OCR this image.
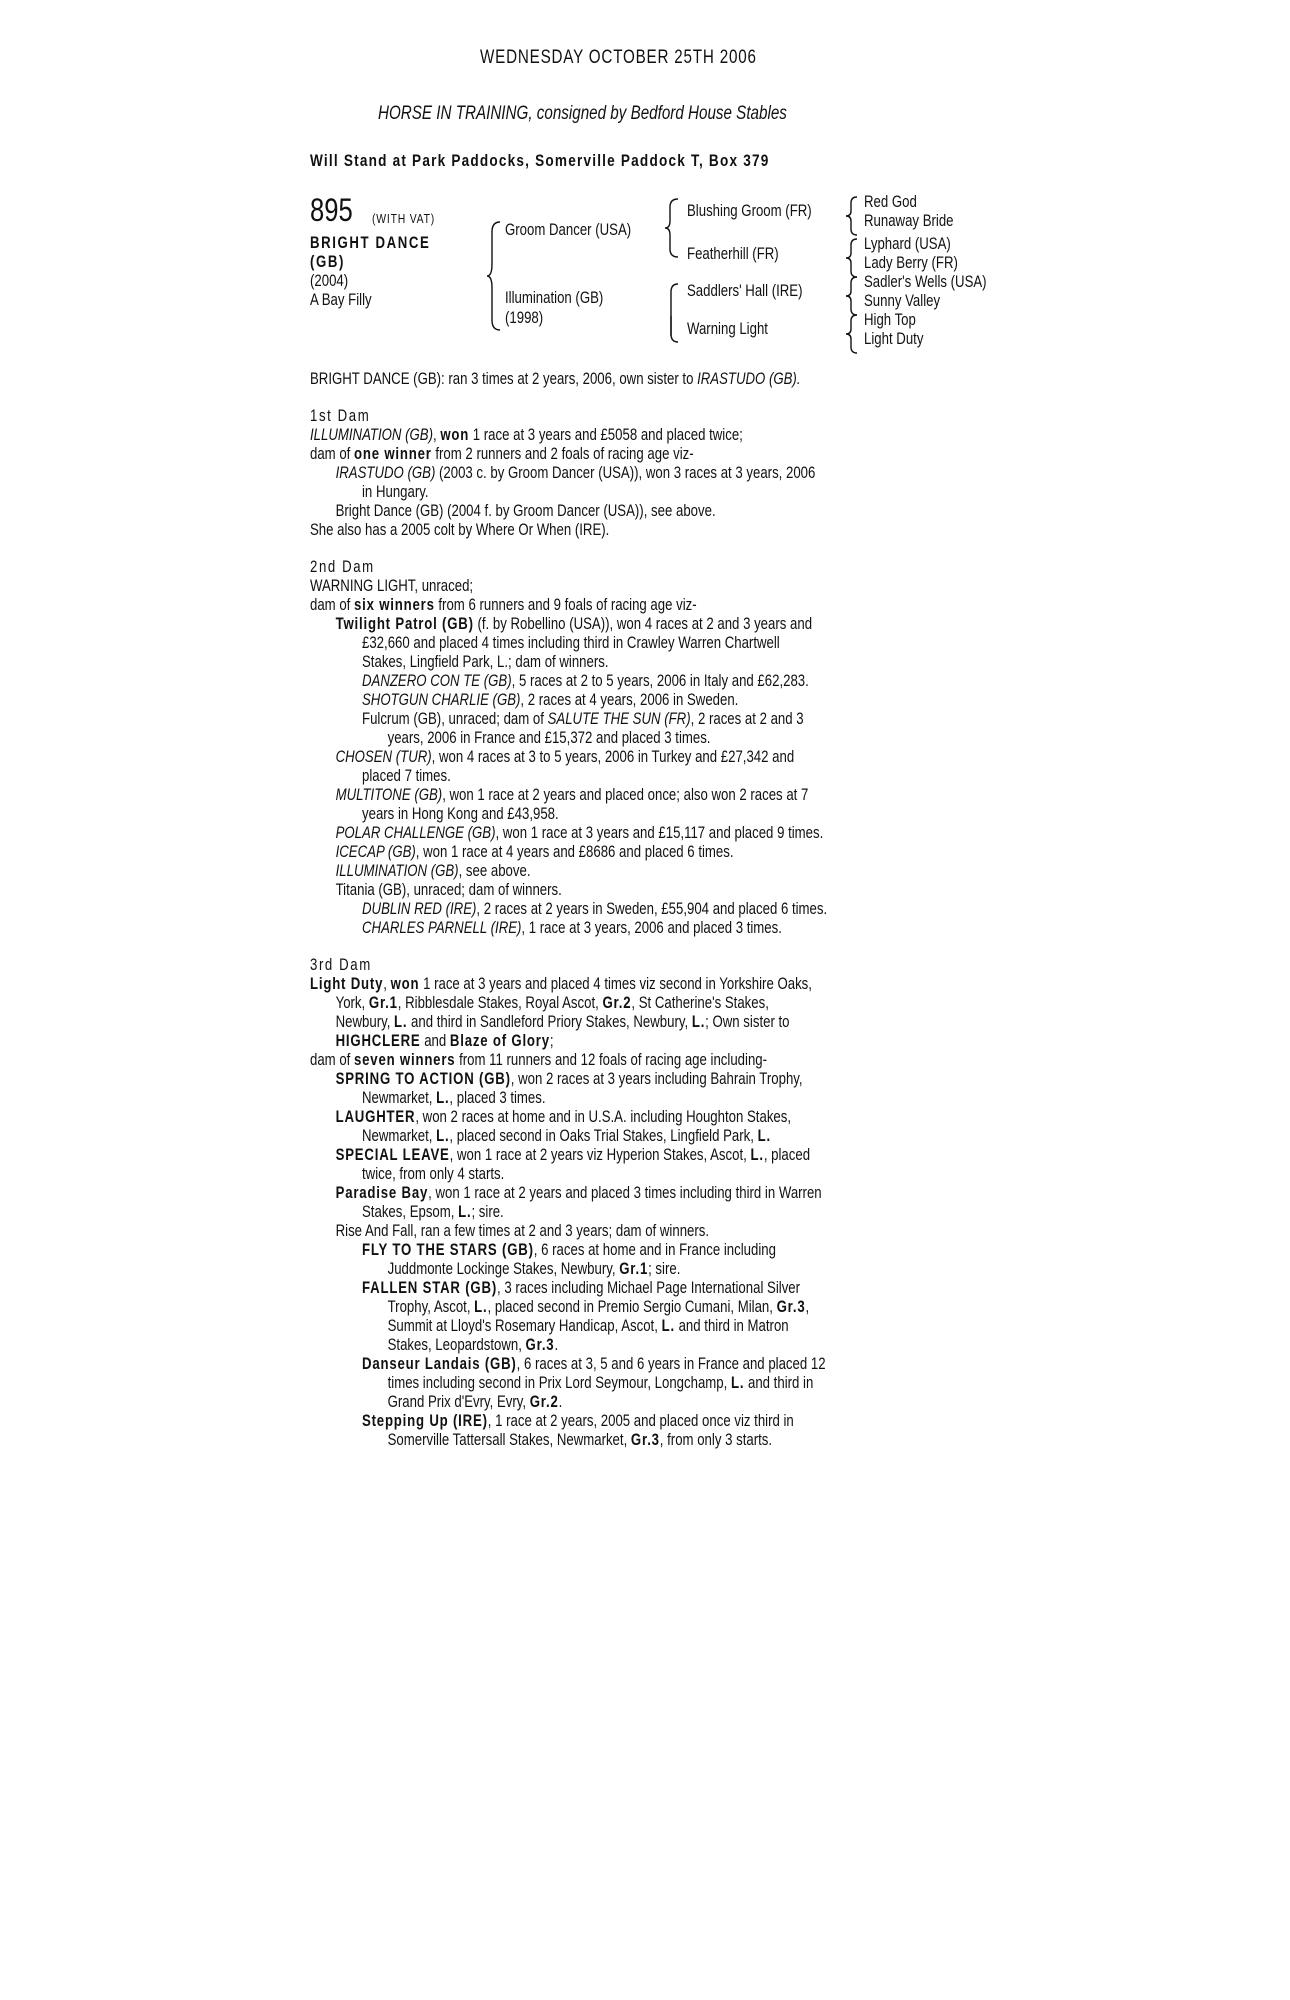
WEDNESDAY OCTOBER 25TH 2006
HORSE IN TRAINING, consigned by Bedford House Stables
Will Stand at Park Paddocks, Somerville Paddock T, Box 379
895 (WITH VAT)
BRIGHT DANCE (GB)
(2004)
A Bay Filly
Groom Dancer (USA)
Illumination (GB)
(1998)
Blushing Groom (FR)
Featherhill (FR)
Saddlers' Hall (IRE)
Warning Light
Red God
Runaway Bride
Lyphard (USA)
Lady Berry (FR)
Sadler's Wells (USA)
Sunny Valley
High Top
Light Duty
BRIGHT DANCE (GB): ran 3 times at 2 years, 2006, own sister to IRASTUDO (GB).
1st Dam
ILLUMINATION (GB), won 1 race at 3 years and £5058 and placed twice;
dam of one winner from 2 runners and 2 foals of racing age viz-
IRASTUDO (GB) (2003 c. by Groom Dancer (USA)), won 3 races at 3 years, 2006
in Hungary.
Bright Dance (GB) (2004 f. by Groom Dancer (USA)), see above.
She also has a 2005 colt by Where Or When (IRE).
2nd Dam
WARNING LIGHT, unraced;
dam of six winners from 6 runners and 9 foals of racing age viz-
Twilight Patrol (GB) (f. by Robellino (USA)), won 4 races at 2 and 3 years and
£32,660 and placed 4 times including third in Crawley Warren Chartwell
Stakes, Lingfield Park, L.; dam of winners.
DANZERO CON TE (GB), 5 races at 2 to 5 years, 2006 in Italy and £62,283.
SHOTGUN CHARLIE (GB), 2 races at 4 years, 2006 in Sweden.
Fulcrum (GB), unraced; dam of SALUTE THE SUN (FR), 2 races at 2 and 3
years, 2006 in France and £15,372 and placed 3 times.
CHOSEN (TUR), won 4 races at 3 to 5 years, 2006 in Turkey and £27,342 and
placed 7 times.
MULTITONE (GB), won 1 race at 2 years and placed once; also won 2 races at 7
years in Hong Kong and £43,958.
POLAR CHALLENGE (GB), won 1 race at 3 years and £15,117 and placed 9 times.
ICECAP (GB), won 1 race at 4 years and £8686 and placed 6 times.
ILLUMINATION (GB), see above.
Titania (GB), unraced; dam of winners.
DUBLIN RED (IRE), 2 races at 2 years in Sweden, £55,904 and placed 6 times.
CHARLES PARNELL (IRE), 1 race at 3 years, 2006 and placed 3 times.
3rd Dam
Light Duty, won 1 race at 3 years and placed 4 times viz second in Yorkshire Oaks,
York, Gr.1, Ribblesdale Stakes, Royal Ascot, Gr.2, St Catherine's Stakes,
Newbury, L. and third in Sandleford Priory Stakes, Newbury, L.; Own sister to
HIGHCLERE and Blaze of Glory;
dam of seven winners from 11 runners and 12 foals of racing age including-
SPRING TO ACTION (GB), won 2 races at 3 years including Bahrain Trophy,
Newmarket, L., placed 3 times.
LAUGHTER, won 2 races at home and in U.S.A. including Houghton Stakes,
Newmarket, L., placed second in Oaks Trial Stakes, Lingfield Park, L.
SPECIAL LEAVE, won 1 race at 2 years viz Hyperion Stakes, Ascot, L., placed
twice, from only 4 starts.
Paradise Bay, won 1 race at 2 years and placed 3 times including third in Warren
Stakes, Epsom, L.; sire.
Rise And Fall, ran a few times at 2 and 3 years; dam of winners.
FLY TO THE STARS (GB), 6 races at home and in France including
Juddmonte Lockinge Stakes, Newbury, Gr.1; sire.
FALLEN STAR (GB), 3 races including Michael Page International Silver
Trophy, Ascot, L., placed second in Premio Sergio Cumani, Milan, Gr.3,
Summit at Lloyd's Rosemary Handicap, Ascot, L. and third in Matron
Stakes, Leopardstown, Gr.3.
Danseur Landais (GB), 6 races at 3, 5 and 6 years in France and placed 12
times including second in Prix Lord Seymour, Longchamp, L. and third in
Grand Prix d'Evry, Evry, Gr.2.
Stepping Up (IRE), 1 race at 2 years, 2005 and placed once viz third in
Somerville Tattersall Stakes, Newmarket, Gr.3, from only 3 starts.
